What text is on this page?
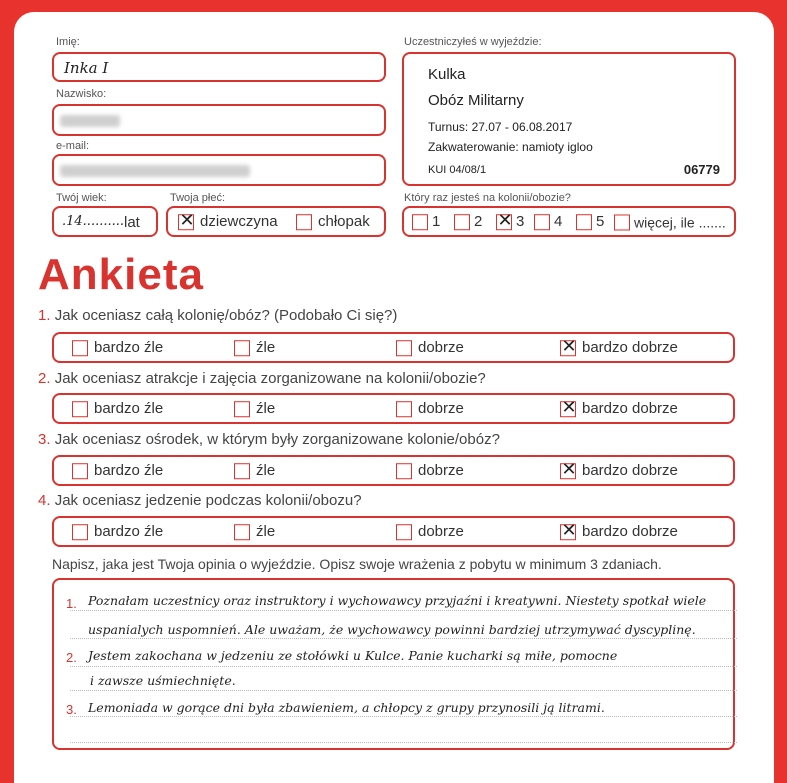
Imię:
Inka I
Nazwisko:
e-mail:
Twój wiek:
.14.......... lat
Twoja płeć:
✕ dziewczyna	chłopak
Uczestniczyłeś w wyjeździe:
Kulka
Obóz Militarny
Turnus: 27.07 - 06.08.2017
Zakwaterowanie: namioty igloo
KUI 04/08/1	06779
Który raz jesteś na kolonii/obozie?
1	2 ✕ 3	4	5	więcej, ile .......
Ankieta
1. Jak oceniasz całą kolonię/obóz? (Podobało Ci się?)
bardzo źle	źle	dobrze	✕ bardzo dobrze
2. Jak oceniasz atrakcje i zajęcia zorganizowane na kolonii/obozie?
bardzo źle	źle	dobrze	✕ bardzo dobrze
3. Jak oceniasz ośrodek, w którym były zorganizowane kolonie/obóz?
bardzo źle	źle	dobrze	✕ bardzo dobrze
4. Jak oceniasz jedzenie podczas kolonii/obozu?
bardzo źle	źle	dobrze	✕ bardzo dobrze
Napisz, jaka jest Twoja opinia o wyjeździe. Opisz swoje wrażenia z pobytu w minimum 3 zdaniach.
1. Poznałam uczestnicy oraz instruktory i wychowawcy przyjaźni i kreatywni. Niestety spotkał wiele
uspanialych uspomnień. Ale uważam, że wychowawcy powinni bardziej utrzymywać dyscyplinę.
2. Jestem zakochana w jedzeniu ze stołówki u Kulce. Panie kucharki są miłe, pomocne
i zawsze uśmiechnięte.
3. Lemoniada w gorące dni była zbawieniem, a chłopcy z grupy przynosili ją litrami.
